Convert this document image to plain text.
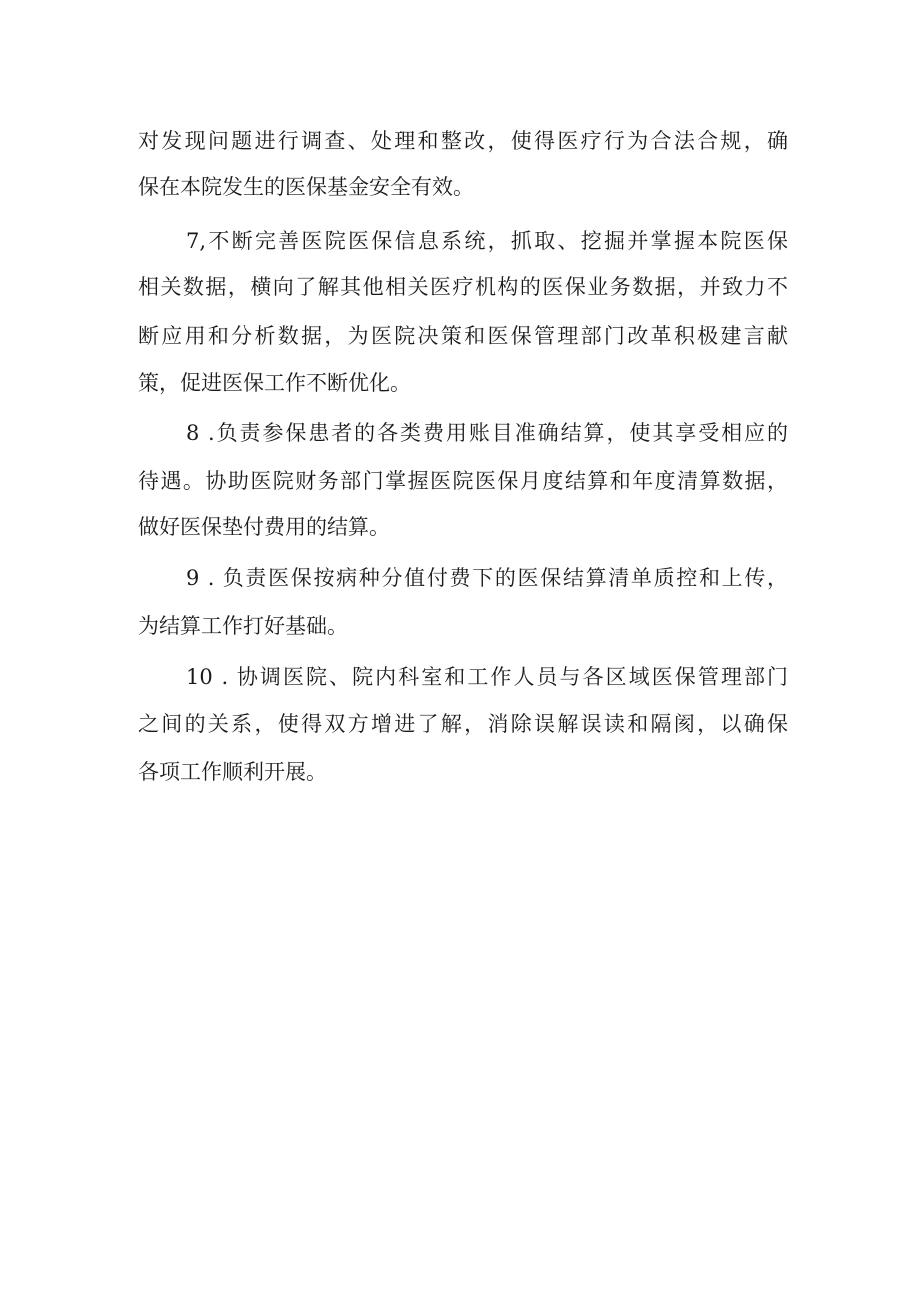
对发现问题进行调查、处理和整改，使得医疗行为合法合规，确
保在本院发生的医保基金安全有效。
7,不断完善医院医保信息系统，抓取、挖掘并掌握本院医保
相关数据，横向了解其他相关医疗机构的医保业务数据，并致力不
断应用和分析数据，为医院决策和医保管理部门改革积极建言献
策，促进医保工作不断优化。
8 .负责参保患者的各类费用账目准确结算，使其享受相应的
待遇。协助医院财务部门掌握医院医保月度结算和年度清算数据，
做好医保垫付费用的结算。
9 . 负责医保按病种分值付费下的医保结算清单质控和上传，
为结算工作打好基础。
10 . 协调医院、院内科室和工作人员与各区域医保管理部门
之间的关系，使得双方增进了解，消除误解误读和隔阂，以确保
各项工作顺利开展。
